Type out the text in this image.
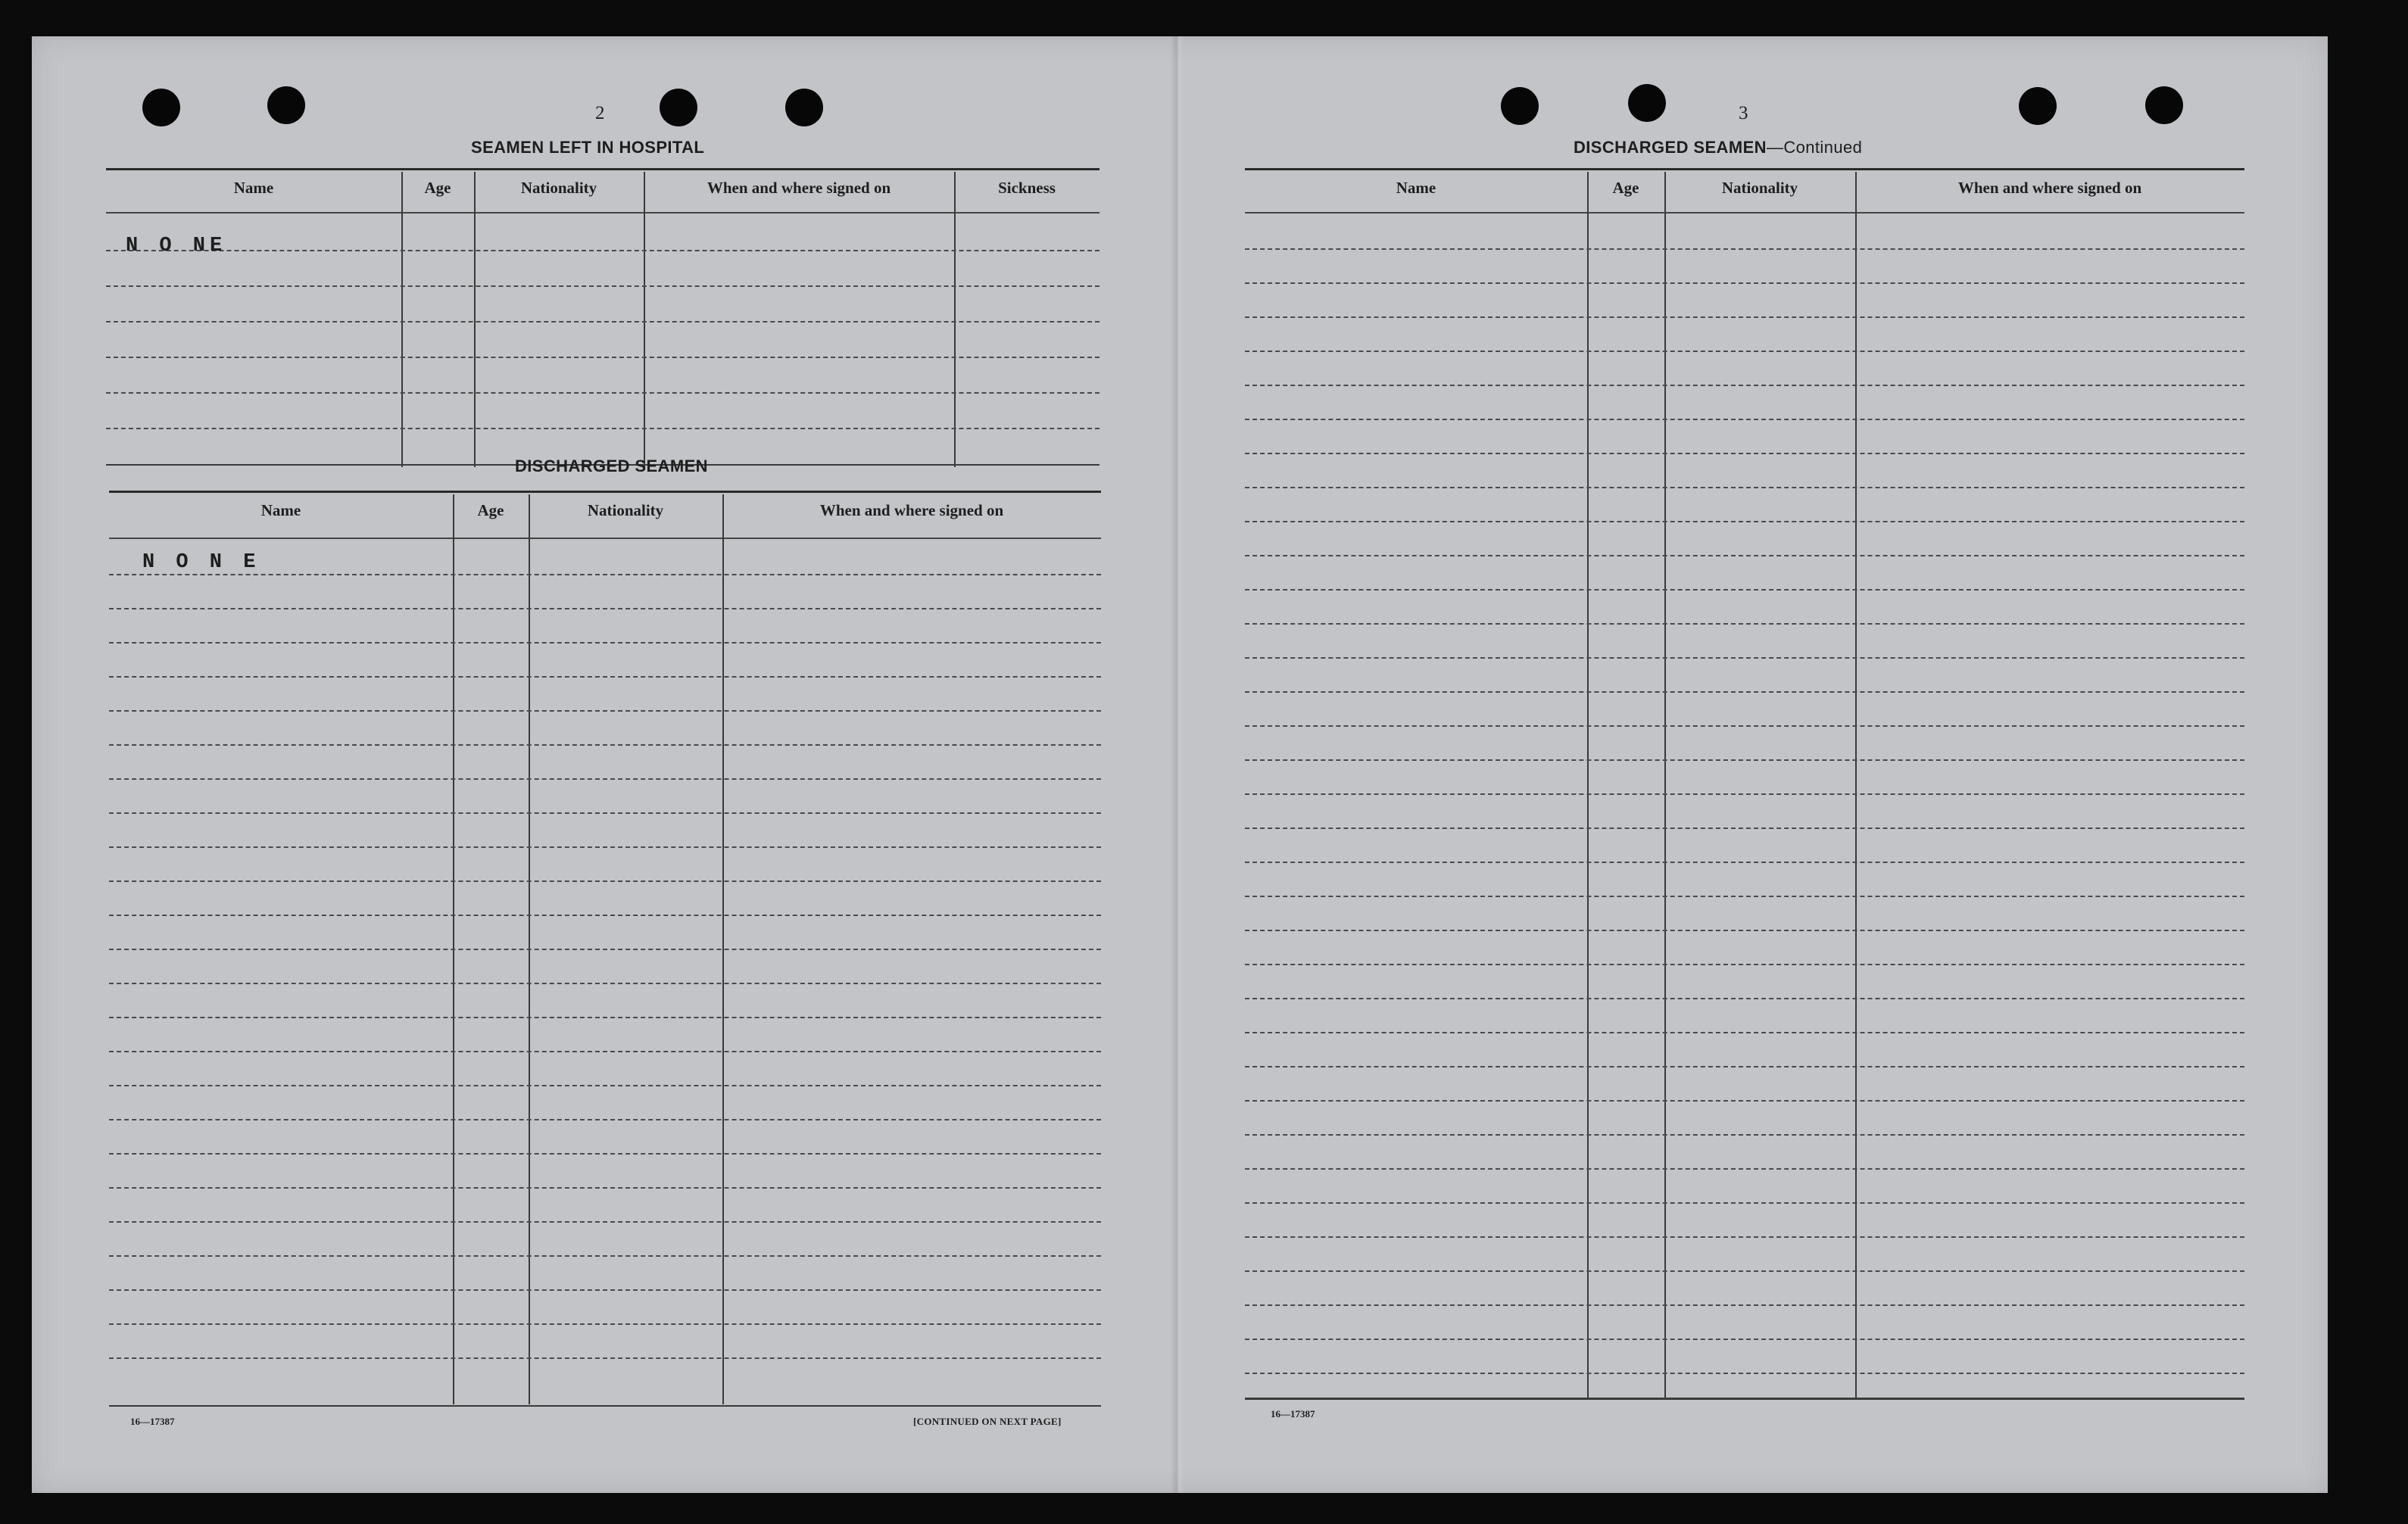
2
SEAMEN LEFT IN HOSPITAL
Name	Age	Nationality	When and where signed on	Sickness
N O NE
DISCHARGED SEAMEN
Name	Age	Nationality	When and where signed on
N O N E
16—17387	[CONTINUED ON NEXT PAGE]
3
DISCHARGED SEAMEN—Continued
Name	Age	Nationality	When and where signed on
16—17387
